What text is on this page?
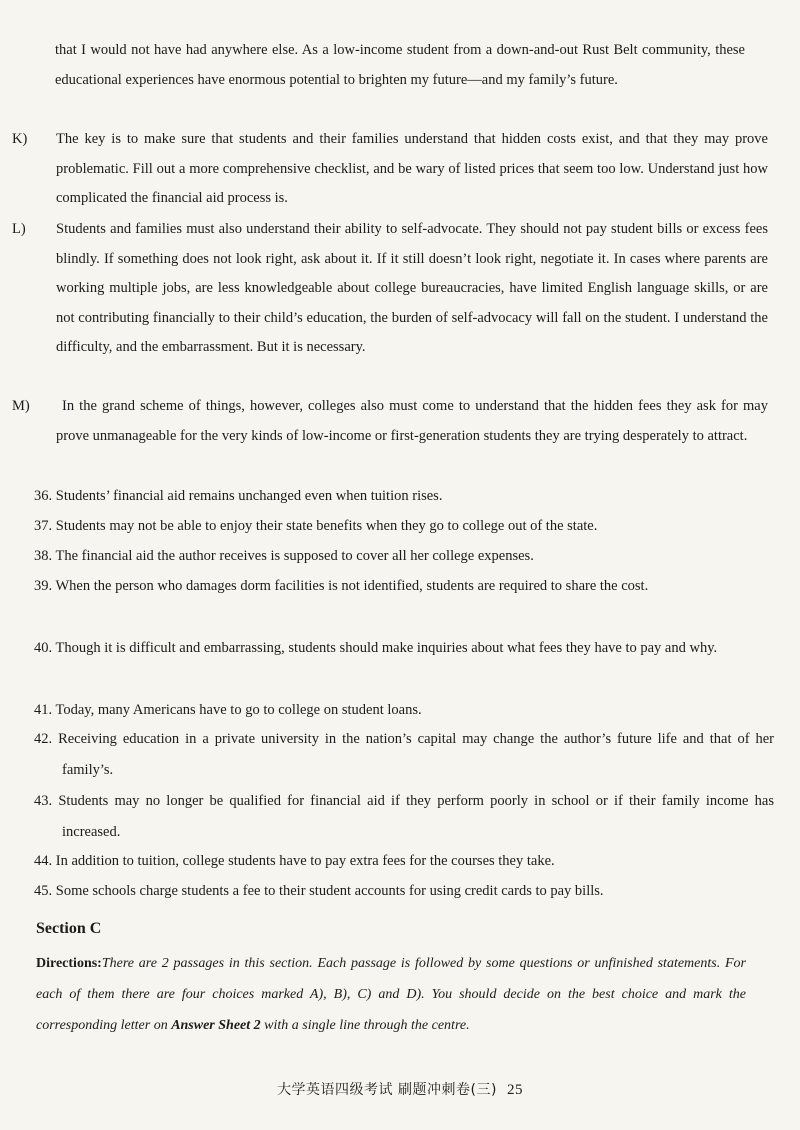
that I would not have had anywhere else. As a low-income student from a down-and-out Rust Belt community, these educational experiences have enormous potential to brighten my future—and my family’s future.
K) The key is to make sure that students and their families understand that hidden costs exist, and that they may prove problematic. Fill out a more comprehensive checklist, and be wary of listed prices that seem too low. Understand just how complicated the financial aid process is.
L) Students and families must also understand their ability to self-advocate. They should not pay student bills or excess fees blindly. If something does not look right, ask about it. If it still doesn’t look right, negotiate it. In cases where parents are working multiple jobs, are less knowledgeable about college bureaucracies, have limited English language skills, or are not contributing financially to their child’s education, the burden of self-advocacy will fall on the student. I understand the difficulty, and the embarrassment. But it is necessary.
M) In the grand scheme of things, however, colleges also must come to understand that the hidden fees they ask for may prove unmanageable for the very kinds of low-income or first-generation students they are trying desperately to attract.
36. Students’ financial aid remains unchanged even when tuition rises.
37. Students may not be able to enjoy their state benefits when they go to college out of the state.
38. The financial aid the author receives is supposed to cover all her college expenses.
39. When the person who damages dorm facilities is not identified, students are required to share the cost.
40. Though it is difficult and embarrassing, students should make inquiries about what fees they have to pay and why.
41. Today, many Americans have to go to college on student loans.
42. Receiving education in a private university in the nation’s capital may change the author’s future life and that of her family’s.
43. Students may no longer be qualified for financial aid if they perform poorly in school or if their family income has increased.
44. In addition to tuition, college students have to pay extra fees for the courses they take.
45. Some schools charge students a fee to their student accounts for using credit cards to pay bills.
Section C
Directions:There are 2 passages in this section. Each passage is followed by some questions or unfinished statements. For each of them there are four choices marked A), B), C) and D). You should decide on the best choice and mark the corresponding letter on Answer Sheet 2 with a single line through the centre.
大学英语四级考试 刷题冲刺卷(三) 25
